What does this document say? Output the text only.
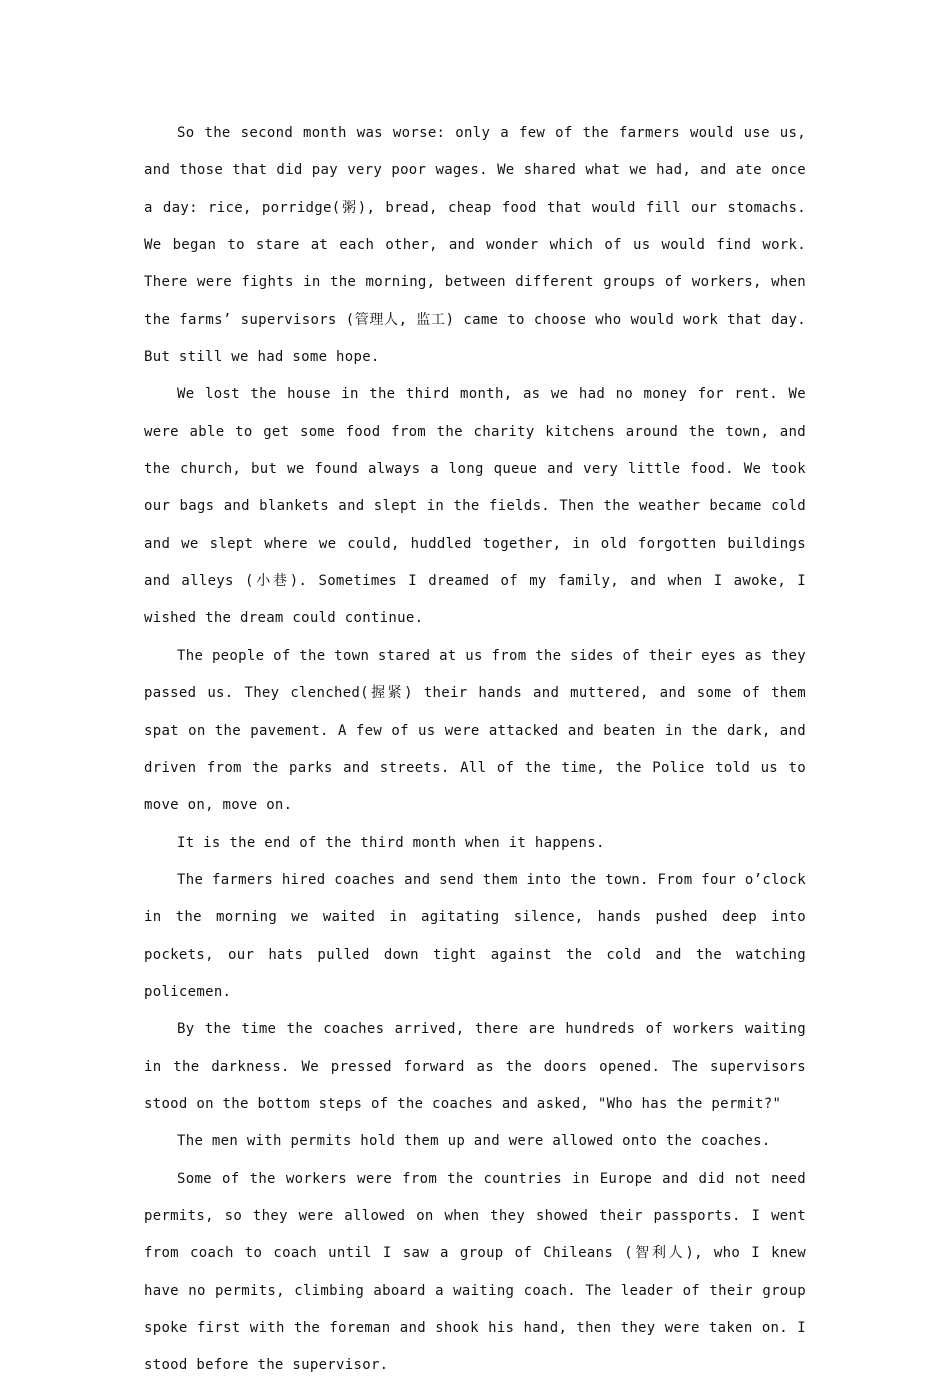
So the second month was worse: only a few of the farmers would use us, and those that did pay very poor wages. We shared what we had, and ate once a day: rice, porridge(粥), bread, cheap food that would fill our stomachs. We began to stare at each other, and wonder which of us would find work. There were fights in the morning, between different groups of workers, when the farms’ supervisors (管理人, 监工) came to choose who would work that day. But still we had some hope.

We lost the house in the third month, as we had no money for rent. We were able to get some food from the charity kitchens around the town, and the church, but we found always a long queue and very little food. We took our bags and blankets and slept in the fields. Then the weather became cold and we slept where we could, huddled together, in old forgotten buildings and alleys (小巷). Sometimes I dreamed of my family, and when I awoke, I wished the dream could continue.

The people of the town stared at us from the sides of their eyes as they passed us. They clenched(握紧) their hands and muttered, and some of them spat on the pavement. A few of us were attacked and beaten in the dark, and driven from the parks and streets. All of the time, the Police told us to move on, move on.

It is the end of the third month when it happens.

The farmers hired coaches and send them into the town. From four o’clock in the morning we waited in agitating silence, hands pushed deep into pockets, our hats pulled down tight against the cold and the watching policemen.

By the time the coaches arrived, there are hundreds of workers waiting in the darkness. We pressed forward as the doors opened. The supervisors stood on the bottom steps of the coaches and asked, "Who has the permit?"

The men with permits hold them up and were allowed onto the coaches.

Some of the workers were from the countries in Europe and did not need permits, so they were allowed on when they showed their passports. I went from coach to coach until I saw a group of Chileans (智利人), who I knew have no permits, climbing aboard a waiting coach. The leader of their group spoke first with the foreman and shook his hand, then they were taken on. I stood before the supervisor.
